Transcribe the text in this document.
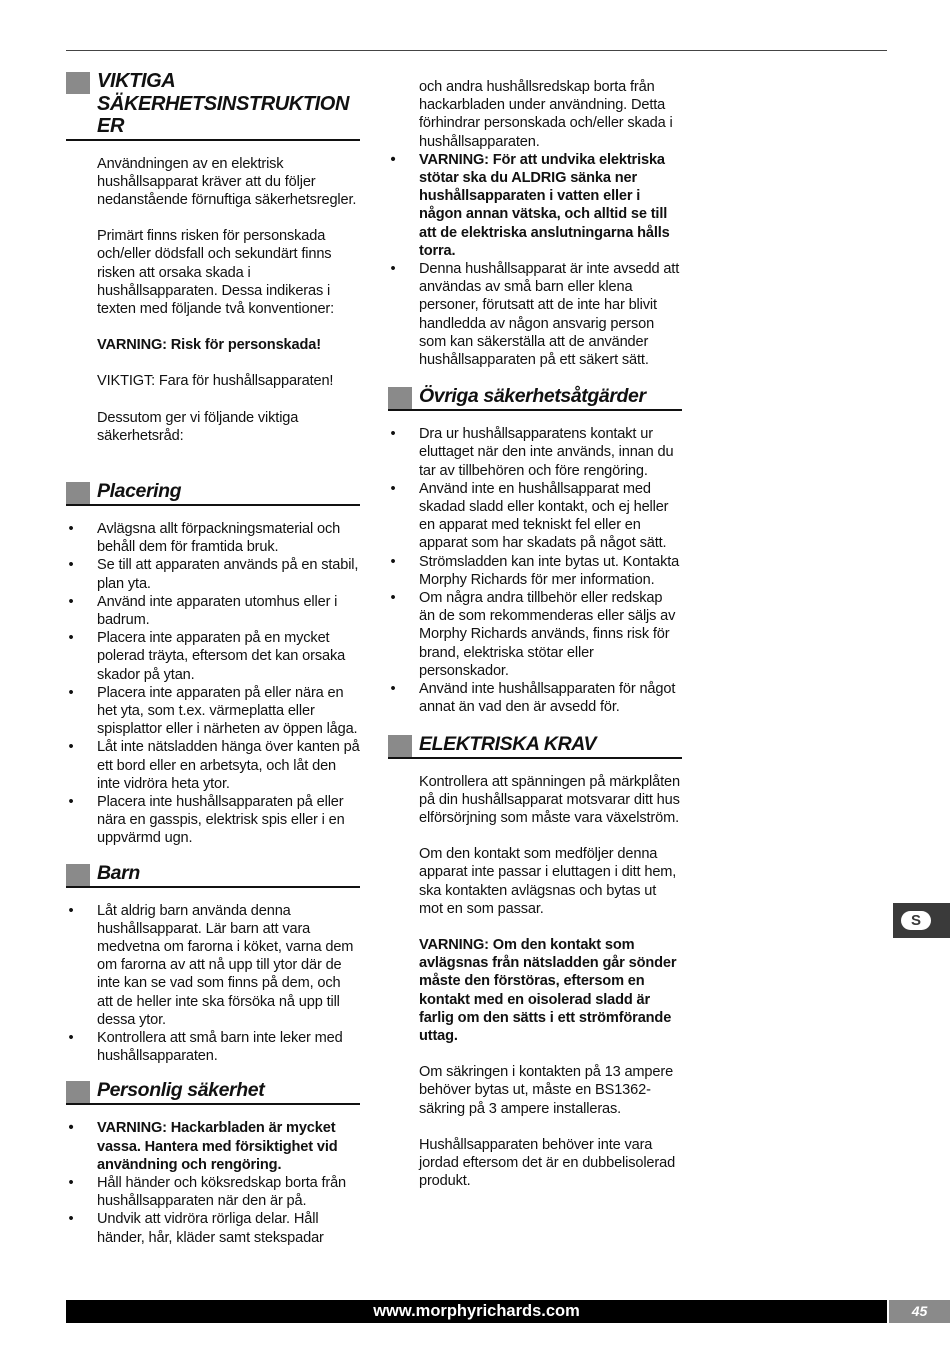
VIKTIGA
SÄKERHETSINSTRUKTION
ER

Användningen av en elektrisk hushållsapparat kräver att du följer nedanstående förnuftiga säkerhetsregler.

Primärt finns risken för personskada och/eller dödsfall och sekundärt finns risken att orsaka skada i hushållsapparaten. Dessa indikeras i texten med följande två konventioner:

VARNING: Risk för personskada!

VIKTIGT: Fara för hushållsapparaten!

Dessutom ger vi följande viktiga säkerhetsråd:

Placering
• Avlägsna allt förpackningsmaterial och behåll dem för framtida bruk.
• Se till att apparaten används på en stabil, plan yta.
• Använd inte apparaten utomhus eller i badrum.
• Placera inte apparaten på en mycket polerad träyta, eftersom det kan orsaka skador på ytan.
• Placera inte apparaten på eller nära en het yta, som t.ex. värmeplatta eller spisplattor eller i närheten av öppen låga.
• Låt inte nätsladden hänga över kanten på ett bord eller en arbetsyta, och låt den inte vidröra heta ytor.
• Placera inte hushållsapparaten på eller nära en gasspis, elektrisk spis eller i en uppvärmd ugn.
Barn
• Låt aldrig barn använda denna hushållsapparat. Lär barn att vara medvetna om farorna i köket, varna dem om farorna av att nå upp till ytor där de inte kan se vad som finns på dem, och att de heller inte ska försöka nå upp till dessa ytor.
• Kontrollera att små barn inte leker med hushållsapparaten.
Personlig säkerhet
• VARNING: Hackarbladen är mycket vassa. Hantera med försiktighet vid användning och rengöring.
• Håll händer och köksredskap borta från hushållsapparaten när den är på.
• Undvik att vidröra rörliga delar. Håll händer, hår, kläder samt stekspadar

och andra hushållsredskap borta från hackarbladen under användning. Detta förhindrar personskada och/eller skada i hushållsapparaten.

• VARNING: För att undvika elektriska stötar ska du ALDRIG sänka ner hushållsapparaten i vatten eller i någon annan vätska, och alltid se till att de elektriska anslutningarna hålls torra.
• Denna hushållsapparat är inte avsedd att användas av små barn eller klena personer, förutsatt att de inte har blivit handledda av någon ansvarig person som kan säkerställa att de använder hushållsapparaten på ett säkert sätt.
Övriga säkerhetsåtgärder
• Dra ur hushållsapparatens kontakt ur eluttaget när den inte används, innan du tar av tillbehören och före rengöring.
• Använd inte en hushållsapparat med skadad sladd eller kontakt, och ej heller en apparat med tekniskt fel eller en apparat som har skadats på något sätt.
• Strömsladden kan inte bytas ut. Kontakta Morphy Richards för mer information.
• Om några andra tillbehör eller redskap än de som rekommenderas eller säljs av Morphy Richards används, finns risk för brand, elektriska stötar eller personskador.
• Använd inte hushållsapparaten för något annat än vad den är avsedd för.
ELEKTRISKA KRAV

Kontrollera att spänningen på märkplåten på din hushållsapparat motsvarar ditt hus elförsörjning som måste vara växelström.

Om den kontakt som medföljer denna apparat inte passar i eluttagen i ditt hem, ska kontakten avlägsnas och bytas ut mot en som passar.

VARNING: Om den kontakt som avlägsnas från nätsladden går sönder måste den förstöras, eftersom en kontakt med en oisolerad sladd är farlig om den sätts i ett strömförande uttag.

Om säkringen i kontakten på 13 ampere behöver bytas ut, måste en BS1362-säkring på 3 ampere installeras.

Hushållsapparaten behöver inte vara jordad eftersom det är en dubbelisolerad produkt.

S
www.morphyrichards.com	45
